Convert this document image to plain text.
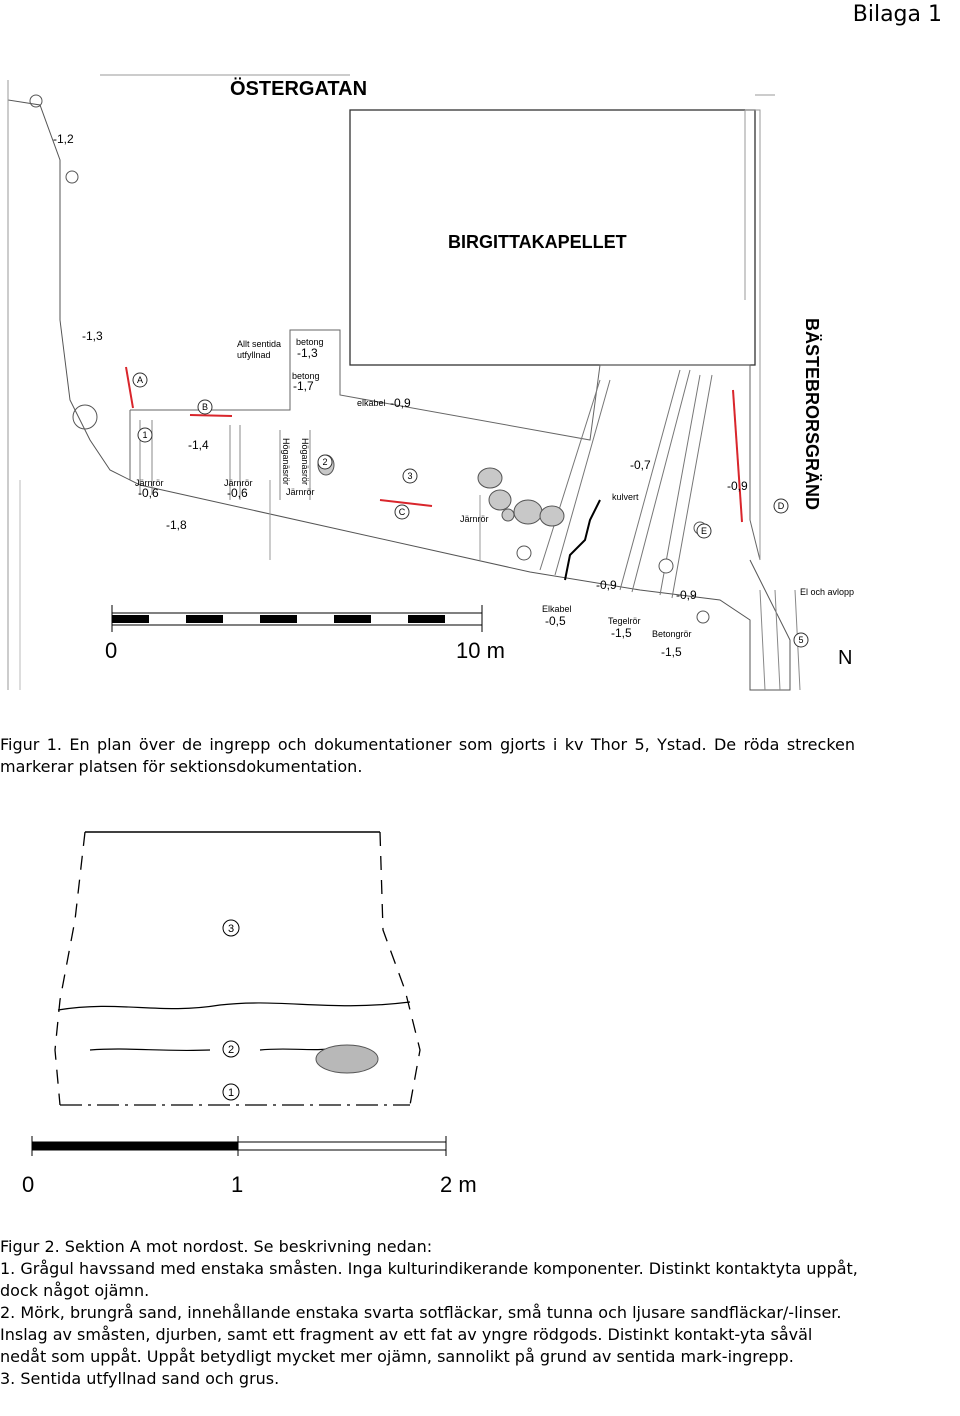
Bilaga 1
ÖSTERGATAN
BIRGITTAKAPELLET
BÄSTEBRORSGRÄND
-1,2
-1,3
-1,3
-1,7
-0,9
-1,4
-0,6	-0,6
-1,8
-0,7
-0,9
-0,9
-0,9
-0,5
-1,5
-1,5
Allt sentida
utfyllnad
betong
betong
elkabel
Järnrör	Järnrör
Järnrör
Järnrör
kulvert
Elkabel
Tegelrör
Betongrör
El och avlopp
Höganäsrör Höganäsrör
A
B
C
D
E
1
2
3
5
N
0	10 m
Figur 1. En plan över de ingrepp och dokumentationer som gjorts i kv Thor 5, Ystad. De röda strecken markerar platsen för sektionsdokumentation.
3
2
1
0	1	2 m

Figur 2. Sektion A mot nordost. Se beskrivning nedan:

1. Grågul havssand med enstaka småsten. Inga kulturindikerande komponenter. Distinkt kontaktyta uppåt, dock något ojämn.

2. Mörk, brungrå sand, innehållande enstaka svarta sotfläckar, små tunna och ljusare sandfläckar/-linser. Inslag av småsten, djurben, samt ett fragment av ett fat av yngre rödgods. Distinkt kontakt-yta såväl nedåt som uppåt. Uppåt betydligt mycket mer ojämn, sannolikt på grund av sentida mark-ingrepp.

3. Sentida utfyllnad sand och grus.
